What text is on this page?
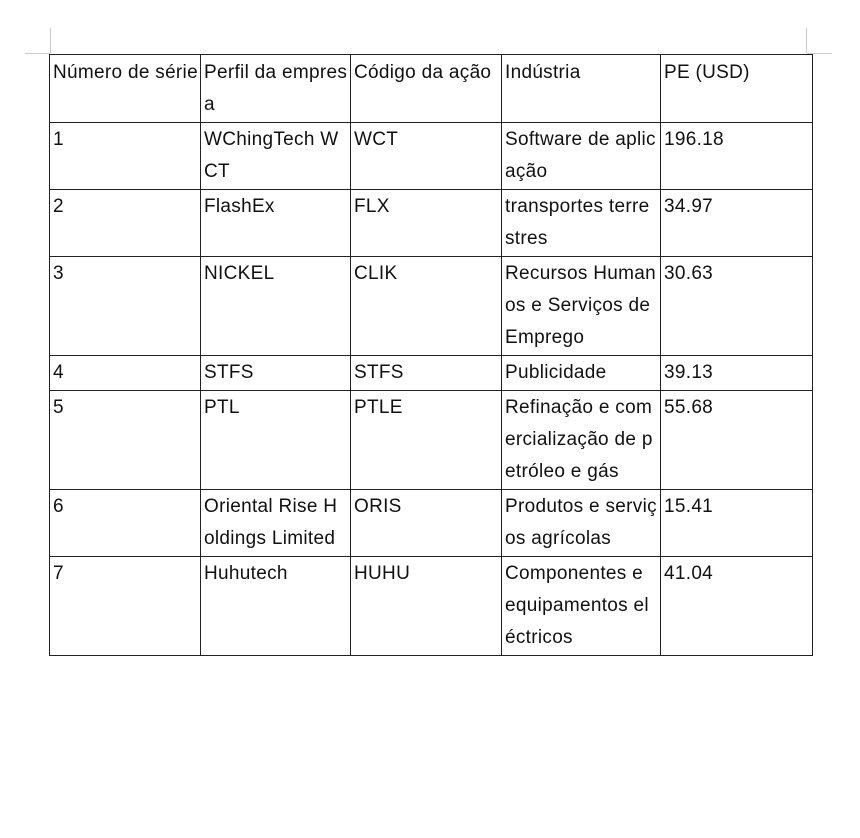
Número de série	Perfil da empresa	Código da ação	Indústria	PE (USD)
1	WChingTech WCT	WCT	Software de aplicação	196.18
2	FlashEx	FLX	transportes terrestres	34.97
3	NICKEL	CLIK	Recursos Humanos e Serviços de Emprego	30.63
4	STFS	STFS	Publicidade	39.13
5	PTL	PTLE	Refinação e comercialização de petróleo e gás	55.68
6	Oriental Rise Holdings Limited	ORIS	Produtos e serviços agrícolas	15.41
7	Huhutech	HUHU	Componentes e equipamentos eléctricos	41.04
